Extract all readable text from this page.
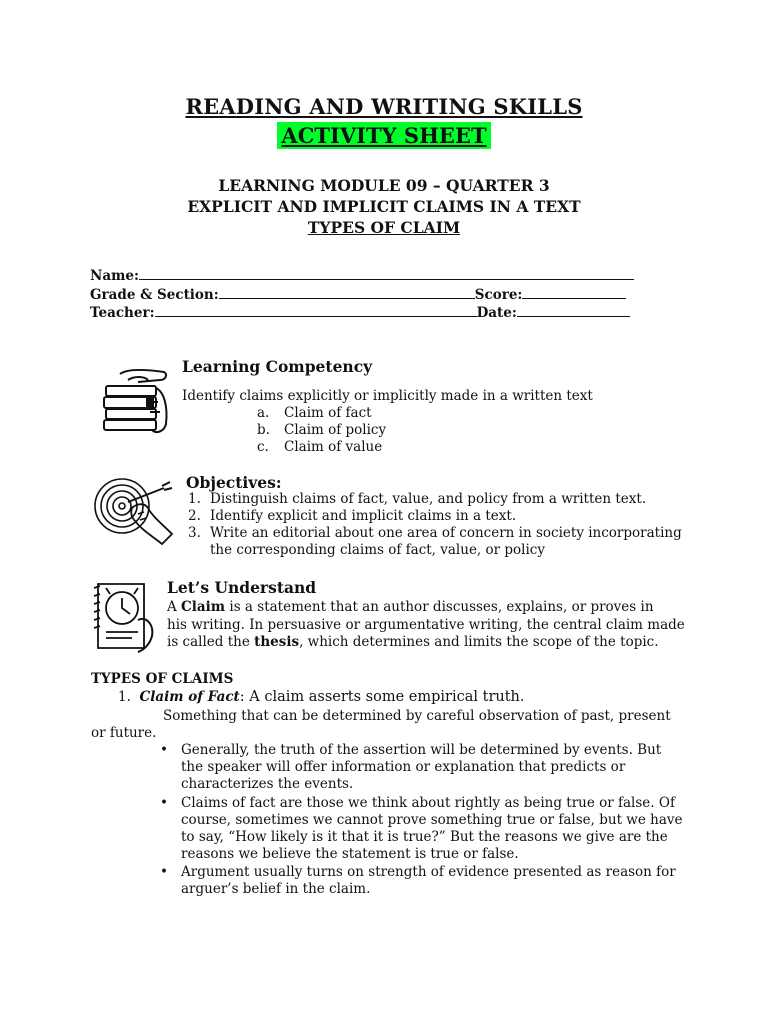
READING AND WRITING SKILLS
ACTIVITY SHEET
LEARNING MODULE 09 – QUARTER 3
EXPLICIT AND IMPLICIT CLAIMS IN A TEXT
TYPES OF CLAIM
Name:
Grade & Section:	Score:
Teacher:	Date:
Learning Competency
Identify claims explicitly or implicitly made in a written text
a. Claim of fact
b. Claim of policy
c. Claim of value
Objectives:
1. Distinguish claims of fact, value, and policy from a written text.
2. Identify explicit and implicit claims in a text.
3. Write an editorial about one area of concern in society incorporating
the corresponding claims of fact, value, or policy
Let’s Understand
A Claim is a statement that an author discusses, explains, or proves in
his writing. In persuasive or argumentative writing, the central claim made
is called the thesis, which determines and limits the scope of the topic.
TYPES OF CLAIMS
1. Claim of Fact: A claim asserts some empirical truth.
Something that can be determined by careful observation of past, present
or future.
• Generally, the truth of the assertion will be determined by events. But
the speaker will offer information or explanation that predicts or
characterizes the events.
• Claims of fact are those we think about rightly as being true or false. Of
course, sometimes we cannot prove something true or false, but we have
to say, “How likely is it that it is true?” But the reasons we give are the
reasons we believe the statement is true or false.
• Argument usually turns on strength of evidence presented as reason for
arguer’s belief in the claim.
